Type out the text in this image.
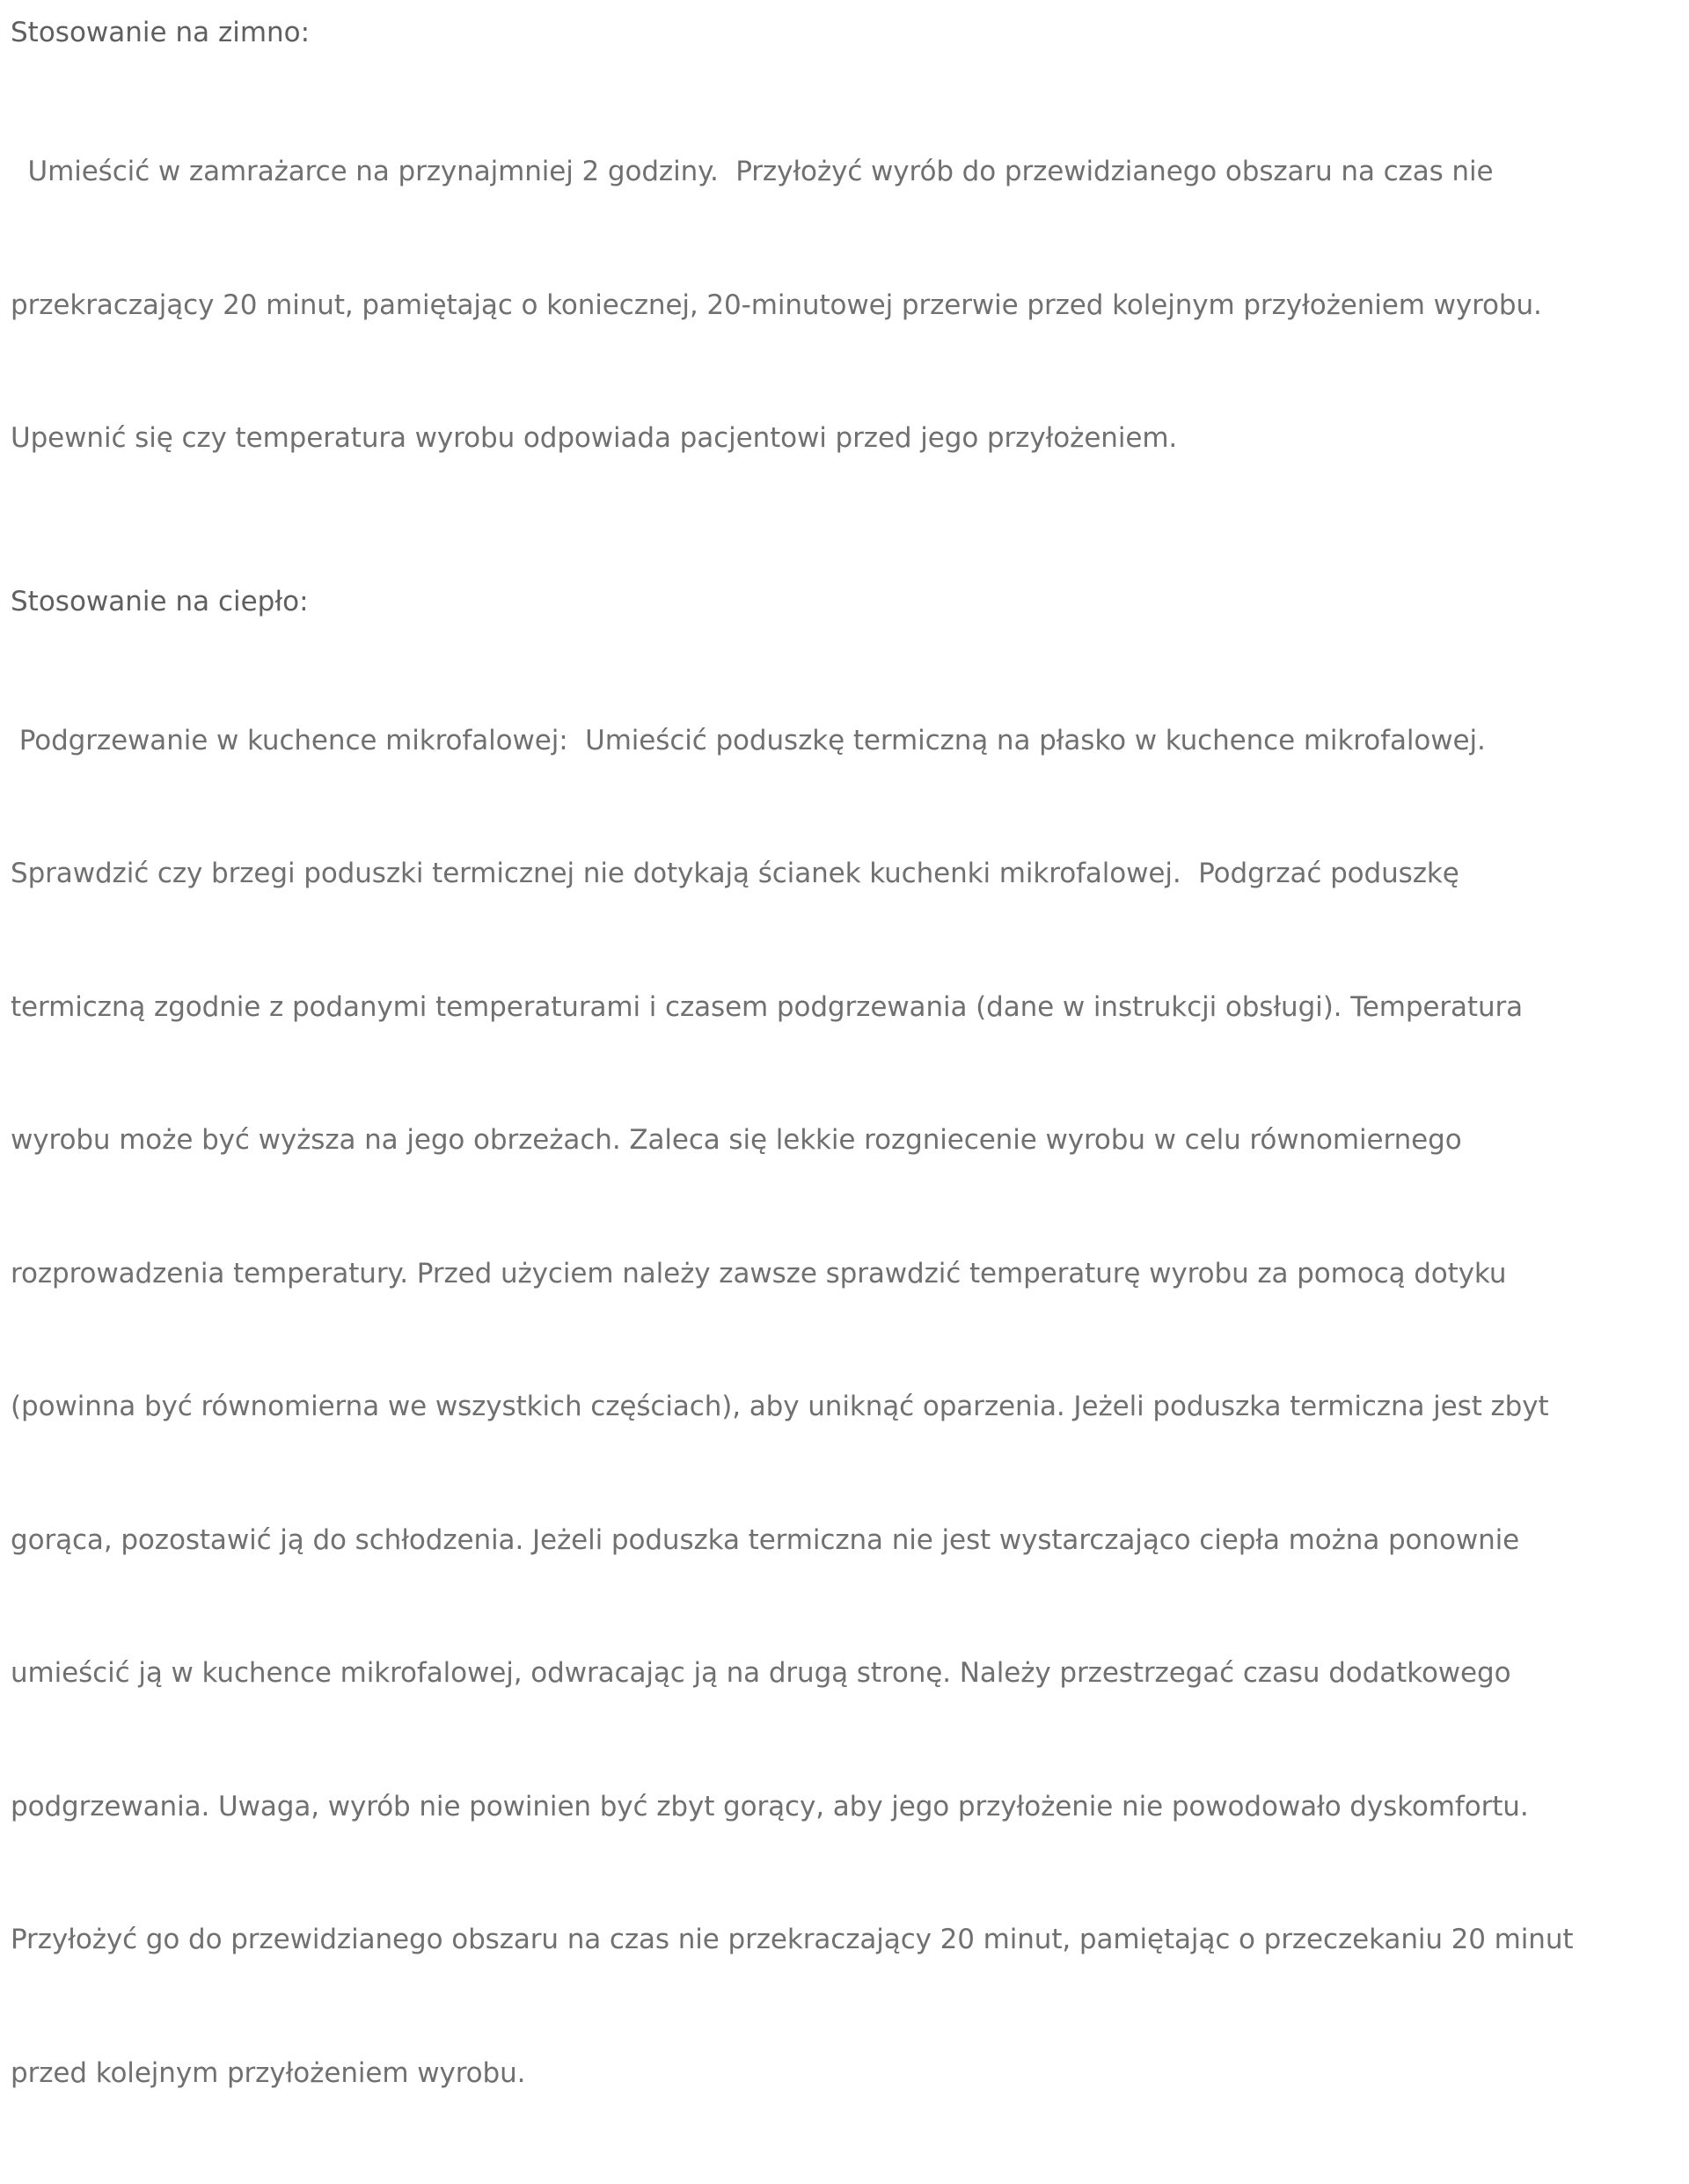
Stosowanie na zimno:

Umieścić w zamrażarce na przynajmniej 2 godziny.  Przyłożyć wyrób do przewidzianego obszaru na czas nie

przekraczający 20 minut, pamiętając o koniecznej, 20-minutowej przerwie przed kolejnym przyłożeniem wyrobu.

Upewnić się czy temperatura wyrobu odpowiada pacjentowi przed jego przyłożeniem.

Stosowanie na ciepło:

Podgrzewanie w kuchence mikrofalowej:  Umieścić poduszkę termiczną na płasko w kuchence mikrofalowej.

Sprawdzić czy brzegi poduszki termicznej nie dotykają ścianek kuchenki mikrofalowej.  Podgrzać poduszkę

termiczną zgodnie z podanymi temperaturami i czasem podgrzewania (dane w instrukcji obsługi). Temperatura

wyrobu może być wyższa na jego obrzeżach. Zaleca się lekkie rozgniecenie wyrobu w celu równomiernego

rozprowadzenia temperatury. Przed użyciem należy zawsze sprawdzić temperaturę wyrobu za pomocą dotyku

(powinna być równomierna we wszystkich częściach), aby uniknąć oparzenia. Jeżeli poduszka termiczna jest zbyt

gorąca, pozostawić ją do schłodzenia. Jeżeli poduszka termiczna nie jest wystarczająco ciepła można ponownie

umieścić ją w kuchence mikrofalowej, odwracając ją na drugą stronę. Należy przestrzegać czasu dodatkowego

podgrzewania. Uwaga, wyrób nie powinien być zbyt gorący, aby jego przyłożenie nie powodowało dyskomfortu.

Przyłożyć go do przewidzianego obszaru na czas nie przekraczający 20 minut, pamiętając o przeczekaniu 20 minut

przed kolejnym przyłożeniem wyrobu.
